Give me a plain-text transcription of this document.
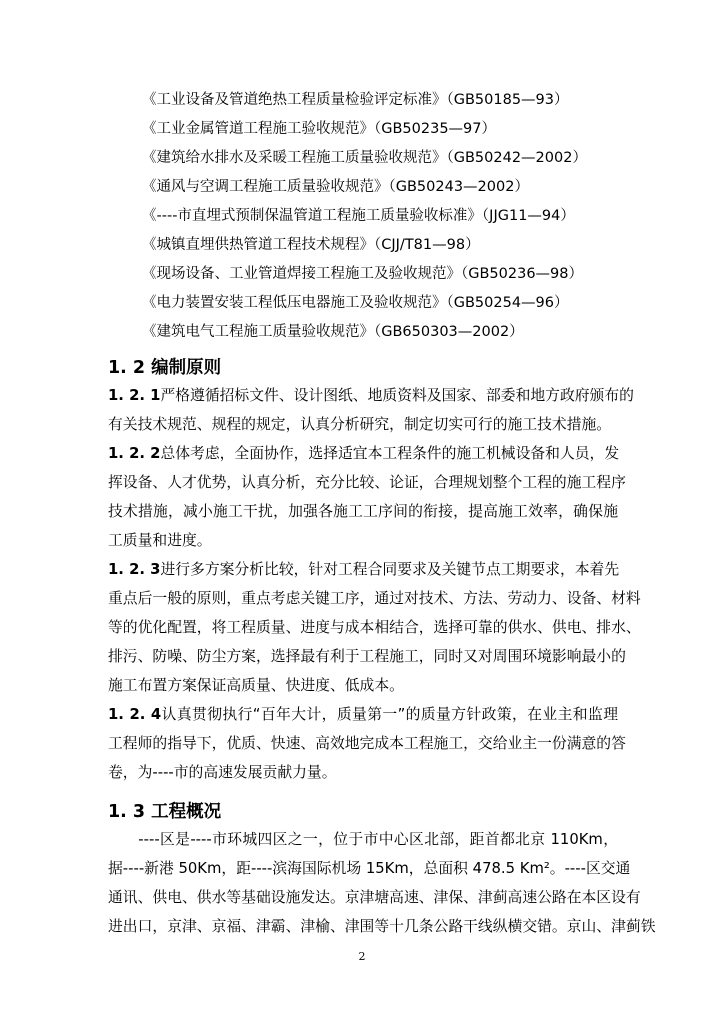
《工业设备及管道绝热工程质量检验评定标准》（GB50185—93）
《工业金属管道工程施工验收规范》（GB50235—97）
《建筑给水排水及采暖工程施工质量验收规范》（GB50242—2002）
《通风与空调工程施工质量验收规范》（GB50243—2002）
《----市直埋式预制保温管道工程施工质量验收标准》（JJG11—94）
《城镇直埋供热管道工程技术规程》（CJJ/T81—98）
《现场设备、工业管道焊接工程施工及验收规范》（GB50236—98）
《电力装置安装工程低压电器施工及验收规范》（GB50254—96）
《建筑电气工程施工质量验收规范》（GB650303—2002）
1. 2 编制原则
1. 2. 1严格遵循招标文件、设计图纸、地质资料及国家、部委和地方政府颁布的
有关技术规范、规程的规定，认真分析研究，制定切实可行的施工技术措施。
1. 2. 2总体考虑，全面协作，选择适宜本工程条件的施工机械设备和人员，发
挥设备、人才优势，认真分析，充分比较、论证，合理规划整个工程的施工程序
技术措施，减小施工干扰，加强各施工工序间的衔接，提高施工效率，确保施
工质量和进度。
1. 2. 3进行多方案分析比较，针对工程合同要求及关键节点工期要求，本着先
重点后一般的原则，重点考虑关键工序，通过对技术、方法、劳动力、设备、材料
等的优化配置，将工程质量、进度与成本相结合，选择可靠的供水、供电、排水、
排污、防噪、防尘方案，选择最有利于工程施工，同时又对周围环境影响最小的
施工布置方案保证高质量、快进度、低成本。
1. 2. 4认真贯彻执行“百年大计，质量第一”的质量方针政策，在业主和监理
工程师的指导下，优质、快速、高效地完成本工程施工，交给业主一份满意的答
卷，为----市的高速发展贡献力量。
1. 3 工程概况
　　----区是----市环城四区之一，位于市中心区北部，距首都北京 110Km，
据----新港 50Km，距----滨海国际机场 15Km，总面积 478.5 Km²。----区交通
通讯、供电、供水等基础设施发达。京津塘高速、津保、津蓟高速公路在本区设有
进出口，京津、京福、津霸、津榆、津围等十几条公路干线纵横交错。京山、津蓟铁
2
